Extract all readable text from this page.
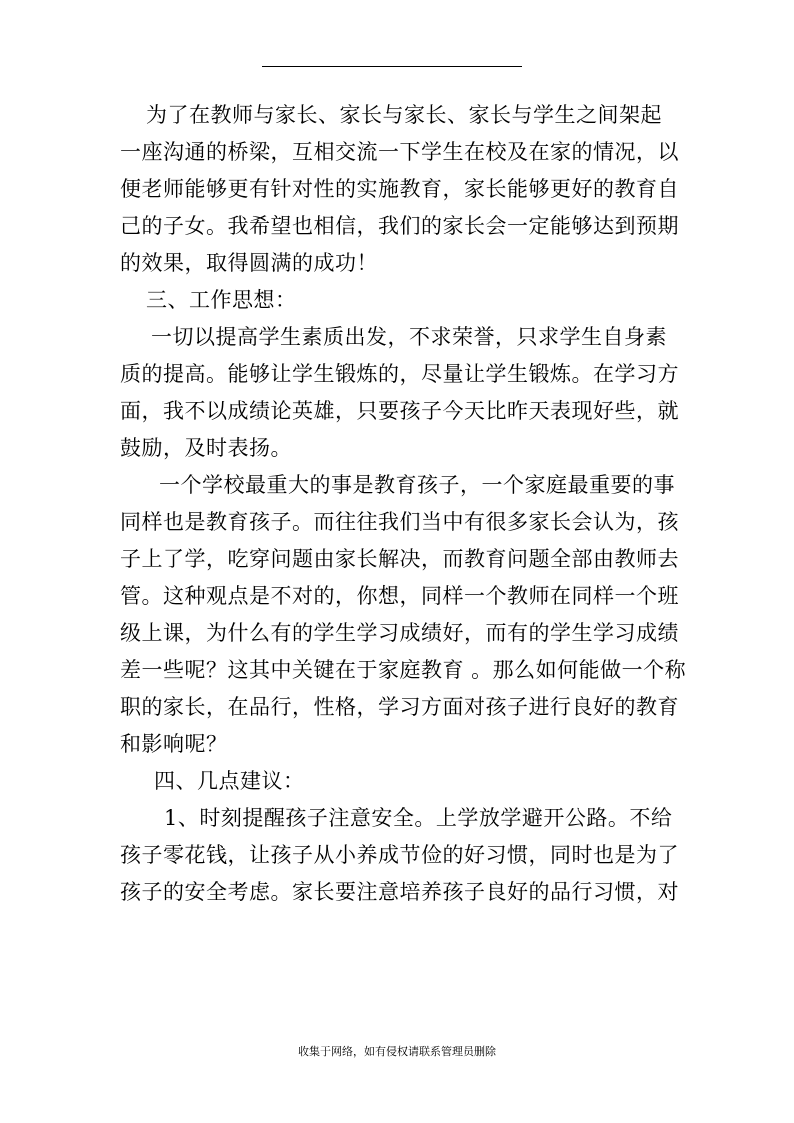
为了在教师与家长、家长与家长、家长与学生之间架起
一座沟通的桥梁，互相交流一下学生在校及在家的情况，以
便老师能够更有针对性的实施教育，家长能够更好的教育自
己的子女。我希望也相信，我们的家长会一定能够达到预期
的效果，取得圆满的成功！
三、工作思想：
一切以提高学生素质出发，不求荣誉，只求学生自身素
质的提高。能够让学生锻炼的，尽量让学生锻炼。在学习方
面，我不以成绩论英雄，只要孩子今天比昨天表现好些，就
鼓励，及时表扬。
一个学校最重大的事是教育孩子，一个家庭最重要的事
同样也是教育孩子。而往往我们当中有很多家长会认为，孩
子上了学，吃穿问题由家长解决，而教育问题全部由教师去
管。这种观点是不对的，你想，同样一个教师在同样一个班
级上课，为什么有的学生学习成绩好，而有的学生学习成绩
差一些呢？这其中关键在于家庭教育 。那么如何能做一个称
职的家长，在品行，性格，学习方面对孩子进行良好的教育
和影响呢？
四、几点建议：
1、时刻提醒孩子注意安全。上学放学避开公路。不给
孩子零花钱，让孩子从小养成节俭的好习惯，同时也是为了
孩子的安全考虑。家长要注意培养孩子良好的品行习惯，对
收集于网络，如有侵权请联系管理员删除
